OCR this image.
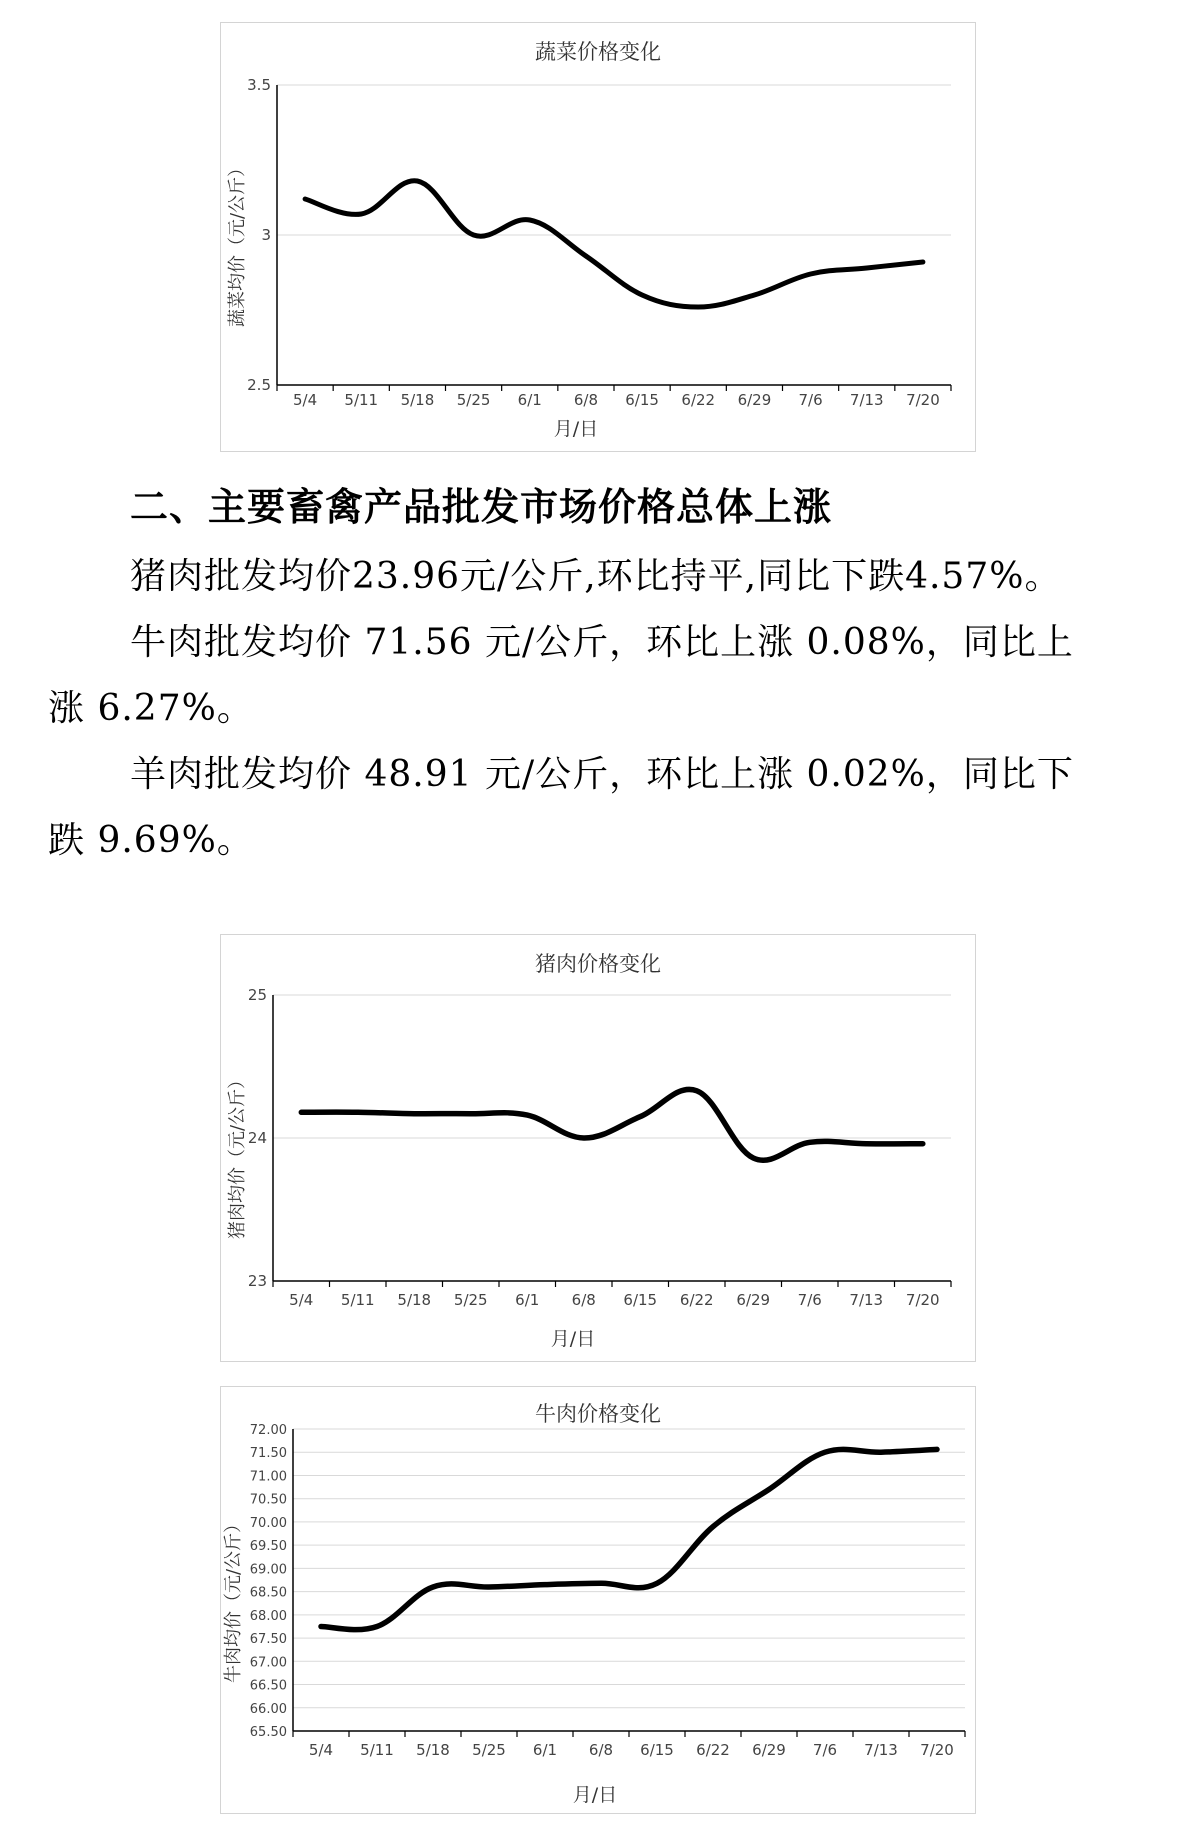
蔬菜价格变化
月/日
蔬菜均价（元/公斤）
2.5
3
3.5
5/4 5/11 5/18 5/25 6/1 6/8 6/15 6/22 6/29 7/6 7/13 7/20
二、主要畜禽产品批发市场价格总体上涨
猪肉批发均价23.96元/公斤,环比持平,同比下跌4.57%。
牛肉批发均价 71.56 元/公斤，环比上涨 0.08%，同比上
涨 6.27%。
羊肉批发均价 48.91 元/公斤，环比上涨 0.02%，同比下
跌 9.69%。
猪肉价格变化
月/日
猪肉均价（元/公斤）
23
24
25
5/4 5/11 5/18 5/25 6/1 6/8 6/15 6/22 6/29 7/6 7/13 7/20
牛肉价格变化
月/日
牛肉均价（元/公斤）
65.50
66.00
66.50
67.00
67.50
68.00
68.50
69.00
69.50
70.00
70.50
71.00
71.50
72.00
5/4 5/11 5/18 5/25 6/1 6/8 6/15 6/22 6/29 7/6 7/13 7/20
